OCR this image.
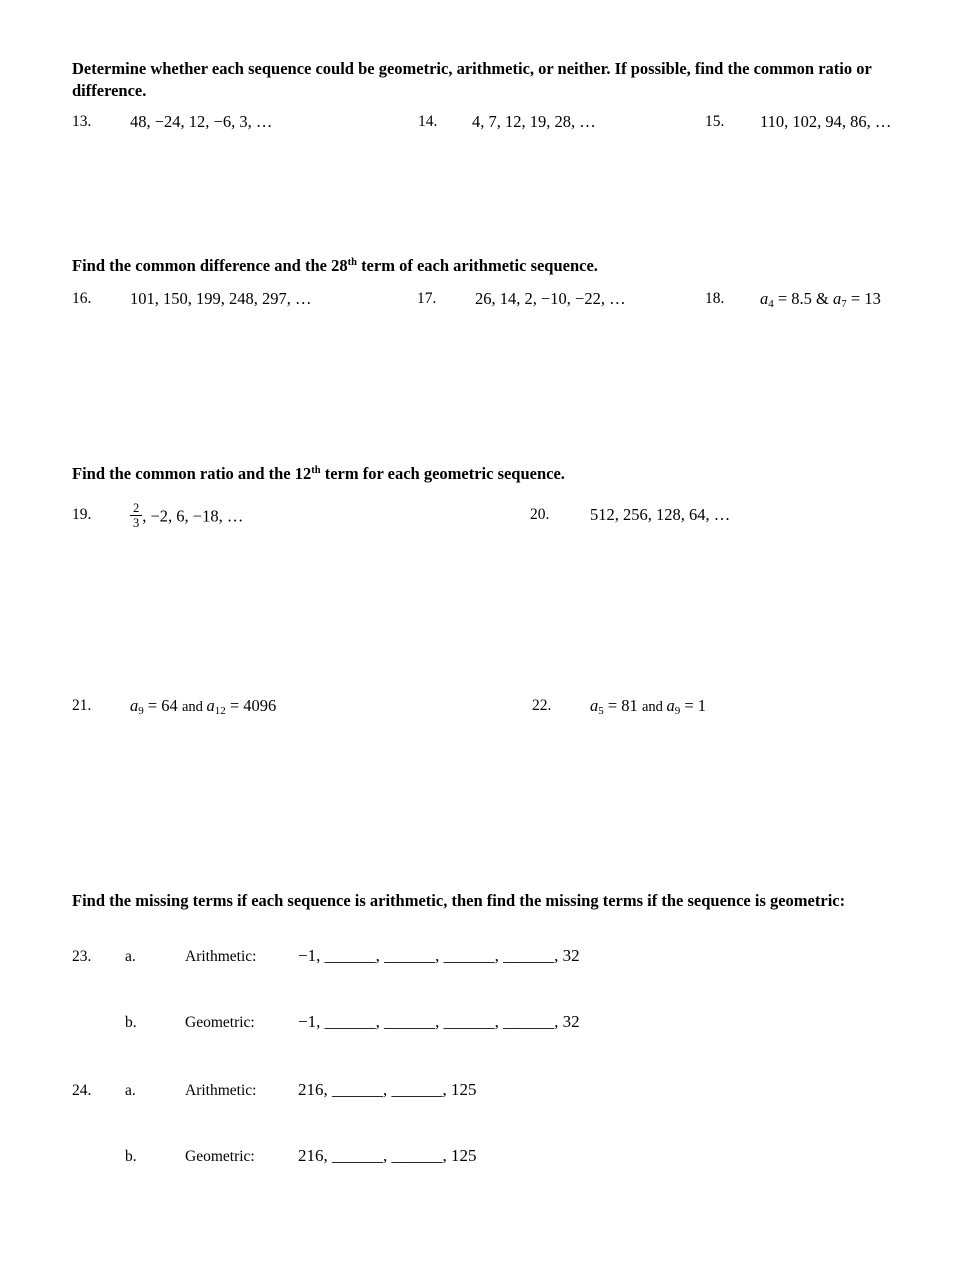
Determine whether each sequence could be geometric, arithmetic, or neither. If possible, find the common ratio or difference.
13. 48, −24, 12, −6, 3, …	14. 4, 7, 12, 19, 28, …	15. 110, 102, 94, 86, …
Find the common difference and the 28th term of each arithmetic sequence.
16. 101, 150, 199, 248, 297, …	17. 26, 14, 2, −10, −22, …	18. $a_4 = 8.5$ & $a_7 = 13$
Find the common ratio and the 12th term for each geometric sequence.
19.	$\frac{2}{3}$ , −2, 6, −18, …	20. 512, 256, 128, 64, …
21. $a_9 = 64$ and $a_{12} = 4096$	22. $a_5 = 81$ and $a_9 = 1$
Find the missing terms if each sequence is arithmetic, then find the missing terms if the sequence is geometric:
23. a.	Arithmetic: −1, ______, ______, ______, ______, 32
b.	Geometric:	−1, ______, ______, ______, ______, 32
24. a.	Arithmetic: 216, ______, ______, 125
b.	Geometric:	216, ______, ______, 125
